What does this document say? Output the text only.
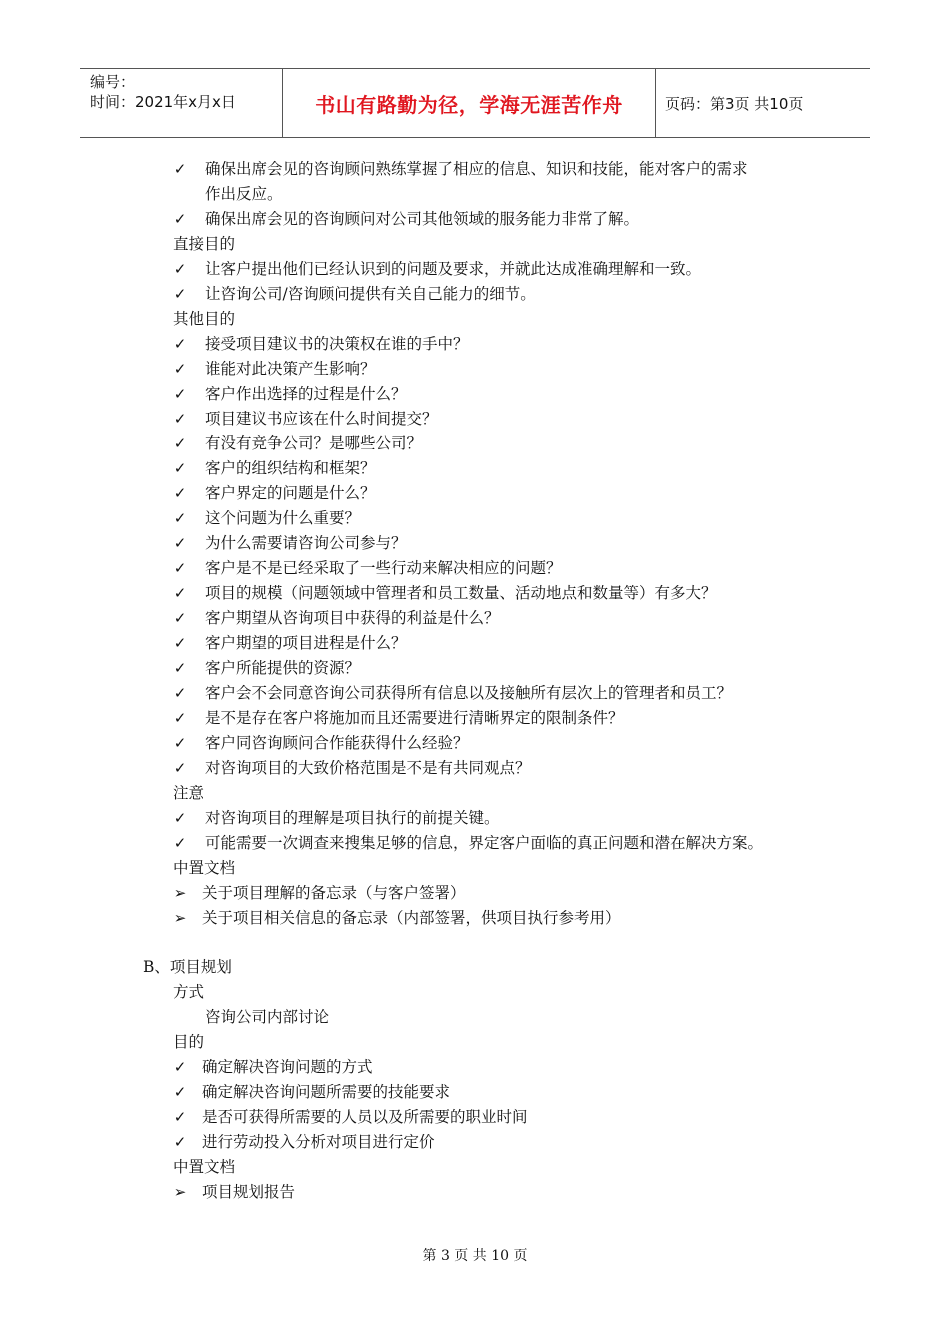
编号：
时间：2021年x月x日	书山有路勤为径，学海无涯苦作舟	页码：第3页 共10页
✓ 确保出席会见的咨询顾问熟练掌握了相应的信息、知识和技能，能对客户的需求
作出反应。
✓ 确保出席会见的咨询顾问对公司其他领域的服务能力非常了解。
直接目的
✓ 让客户提出他们已经认识到的问题及要求，并就此达成准确理解和一致。
✓ 让咨询公司/咨询顾问提供有关自己能力的细节。
其他目的
✓ 接受项目建议书的决策权在谁的手中？
✓ 谁能对此决策产生影响？
✓ 客户作出选择的过程是什么？
✓ 项目建议书应该在什么时间提交？
✓ 有没有竞争公司？是哪些公司？
✓ 客户的组织结构和框架？
✓ 客户界定的问题是什么？
✓ 这个问题为什么重要？
✓ 为什么需要请咨询公司参与？
✓ 客户是不是已经采取了一些行动来解决相应的问题？
✓ 项目的规模（问题领域中管理者和员工数量、活动地点和数量等）有多大？
✓ 客户期望从咨询项目中获得的利益是什么？
✓ 客户期望的项目进程是什么？
✓ 客户所能提供的资源？
✓ 客户会不会同意咨询公司获得所有信息以及接触所有层次上的管理者和员工？
✓ 是不是存在客户将施加而且还需要进行清晰界定的限制条件？
✓ 客户同咨询顾问合作能获得什么经验？
✓ 对咨询项目的大致价格范围是不是有共同观点？
注意
✓ 对咨询项目的理解是项目执行的前提关键。
✓ 可能需要一次调查来搜集足够的信息，界定客户面临的真正问题和潜在解决方案。
中置文档
➢ 关于项目理解的备忘录（与客户签署）
➢ 关于项目相关信息的备忘录（内部签署，供项目执行参考用）
B、项目规划
方式
咨询公司内部讨论
目的
✓ 确定解决咨询问题的方式
✓ 确定解决咨询问题所需要的技能要求
✓ 是否可获得所需要的人员以及所需要的职业时间
✓ 进行劳动投入分析对项目进行定价
中置文档
➢ 项目规划报告
第 3 页 共 10 页
